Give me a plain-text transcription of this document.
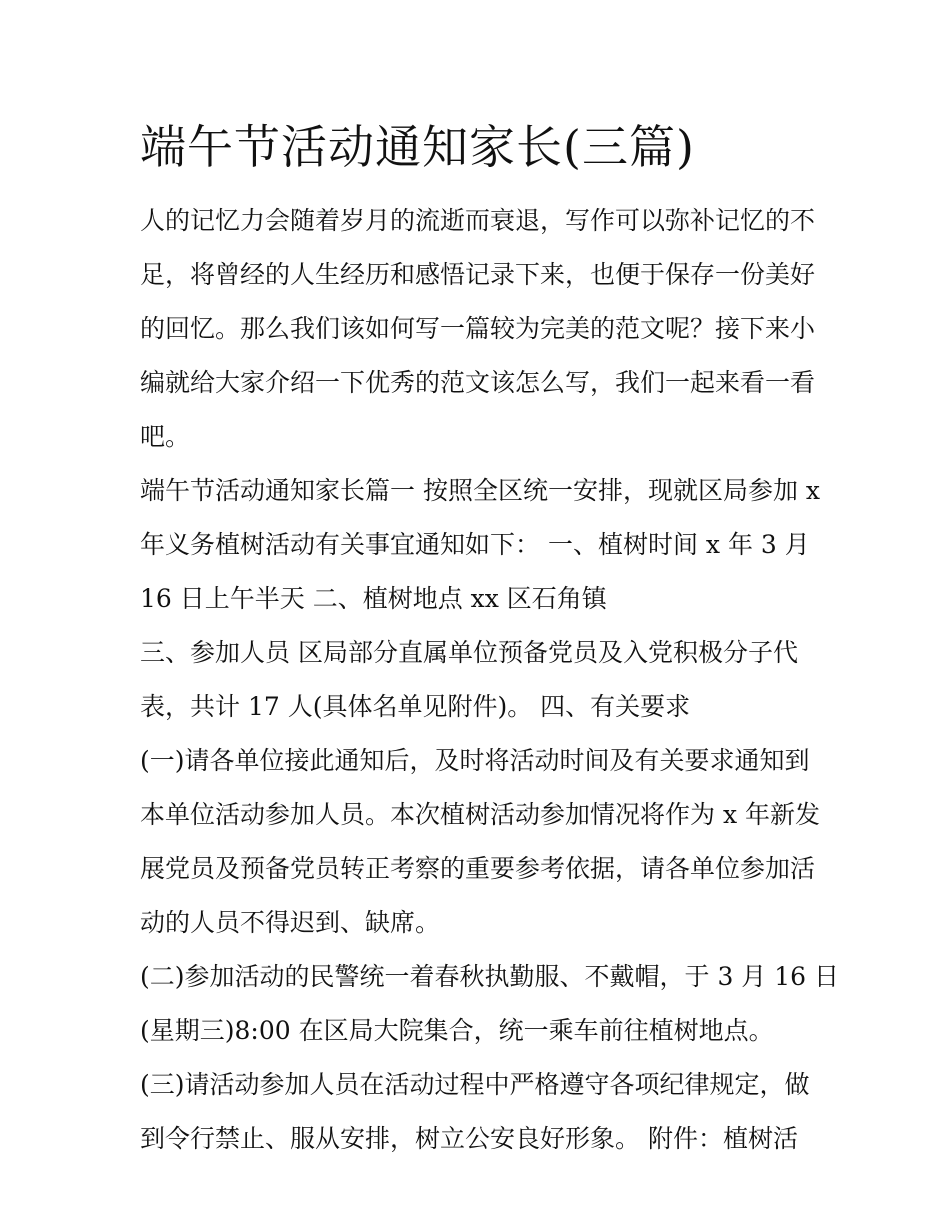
端午节活动通知家长(三篇)

人的记忆力会随着岁月的流逝而衰退，写作可以弥补记忆的不

足，将曾经的人生经历和感悟记录下来，也便于保存一份美好

的回忆。那么我们该如何写一篇较为完美的范文呢？接下来小

编就给大家介绍一下优秀的范文该怎么写，我们一起来看一看

吧。

端午节活动通知家长篇一 按照全区统一安排，现就区局参加 x

年义务植树活动有关事宜通知如下： 一、植树时间 x 年 3 月

16 日上午半天 二、植树地点 xx 区石角镇

三、参加人员 区局部分直属单位预备党员及入党积极分子代

表，共计 17 人(具体名单见附件)。 四、有关要求

(一)请各单位接此通知后，及时将活动时间及有关要求通知到

本单位活动参加人员。本次植树活动参加情况将作为 x 年新发

展党员及预备党员转正考察的重要参考依据，请各单位参加活

动的人员不得迟到、缺席。

(二)参加活动的民警统一着春秋执勤服、不戴帽，于 3 月 16 日

(星期三)8:00 在区局大院集合，统一乘车前往植树地点。

(三)请活动参加人员在活动过程中严格遵守各项纪律规定，做

到令行禁止、服从安排，树立公安良好形象。 附件：植树活
